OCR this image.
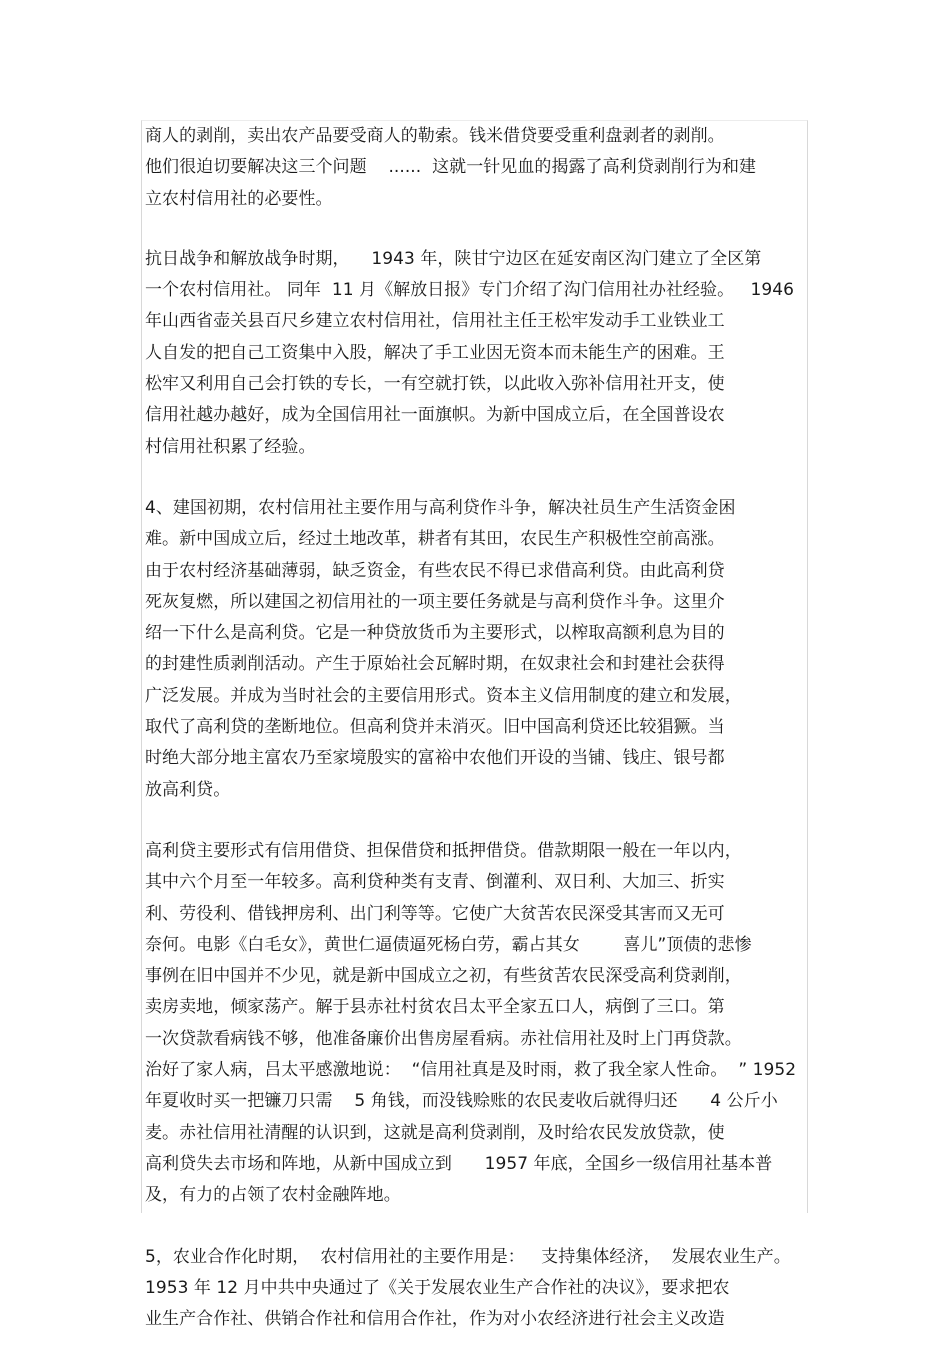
商人的剥削，卖出农产品要受商人的勒索。钱米借贷要受重利盘剥者的剥削。
他们很迫切要解决这三个问题    ......  这就一针见血的揭露了高利贷剥削行为和建
立农村信用社的必要性。
抗日战争和解放战争时期，    1943 年，陕甘宁边区在延安南区沟门建立了全区第
一个农村信用社。 同年  11 月《解放日报》专门介绍了沟门信用社办社经验。   1946
年山西省壶关县百尺乡建立农村信用社，信用社主任王松牢发动手工业铁业工
人自发的把自己工资集中入股，解决了手工业因无资本而未能生产的困难。王
松牢又利用自己会打铁的专长，一有空就打铁，以此收入弥补信用社开支，使
信用社越办越好，成为全国信用社一面旗帜。为新中国成立后，在全国普设农
村信用社积累了经验。
4、建国初期，农村信用社主要作用与高利贷作斗争，解决社员生产生活资金困
难。新中国成立后，经过土地改革，耕者有其田，农民生产积极性空前高涨。
由于农村经济基础薄弱，缺乏资金，有些农民不得已求借高利贷。由此高利贷
死灰复燃，所以建国之初信用社的一项主要任务就是与高利贷作斗争。这里介
绍一下什么是高利贷。它是一种贷放货币为主要形式，以榨取高额利息为目的
的封建性质剥削活动。产生于原始社会瓦解时期，在奴隶社会和封建社会获得
广泛发展。并成为当时社会的主要信用形式。资本主义信用制度的建立和发展，
取代了高利贷的垄断地位。但高利贷并未消灭。旧中国高利贷还比较猖獗。当
时绝大部分地主富农乃至家境殷实的富裕中农他们开设的当铺、钱庄、银号都
放高利贷。
高利贷主要形式有信用借贷、担保借贷和抵押借贷。借款期限一般在一年以内，
其中六个月至一年较多。高利贷种类有支青、倒灌利、双日利、大加三、折实
利、劳役利、借钱押房利、出门利等等。它使广大贫苦农民深受其害而又无可
奈何。电影《白毛女》，黄世仁逼债逼死杨白劳，霸占其女        喜儿”顶债的悲惨
事例在旧中国并不少见，就是新中国成立之初，有些贫苦农民深受高利贷剥削，
卖房卖地，倾家荡产。解于县赤社村贫农吕太平全家五口人，病倒了三口。第
一次贷款看病钱不够，他准备廉价出售房屋看病。赤社信用社及时上门再贷款。
治好了家人病，吕太平感激地说：  “信用社真是及时雨，救了我全家人性命。  ” 1952
年夏收时买一把镰刀只需    5 角钱，而没钱赊账的农民麦收后就得归还      4 公斤小
麦。赤社信用社清醒的认识到，这就是高利贷剥削，及时给农民发放贷款，使
高利贷失去市场和阵地，从新中国成立到      1957 年底，全国乡一级信用社基本普
及，有力的占领了农村金融阵地。
5，农业合作化时期，  农村信用社的主要作用是：   支持集体经济，  发展农业生产。
1953 年 12 月中共中央通过了《关于发展农业生产合作社的决议》，要求把农
业生产合作社、供销合作社和信用合作社，作为对小农经济进行社会主义改造
